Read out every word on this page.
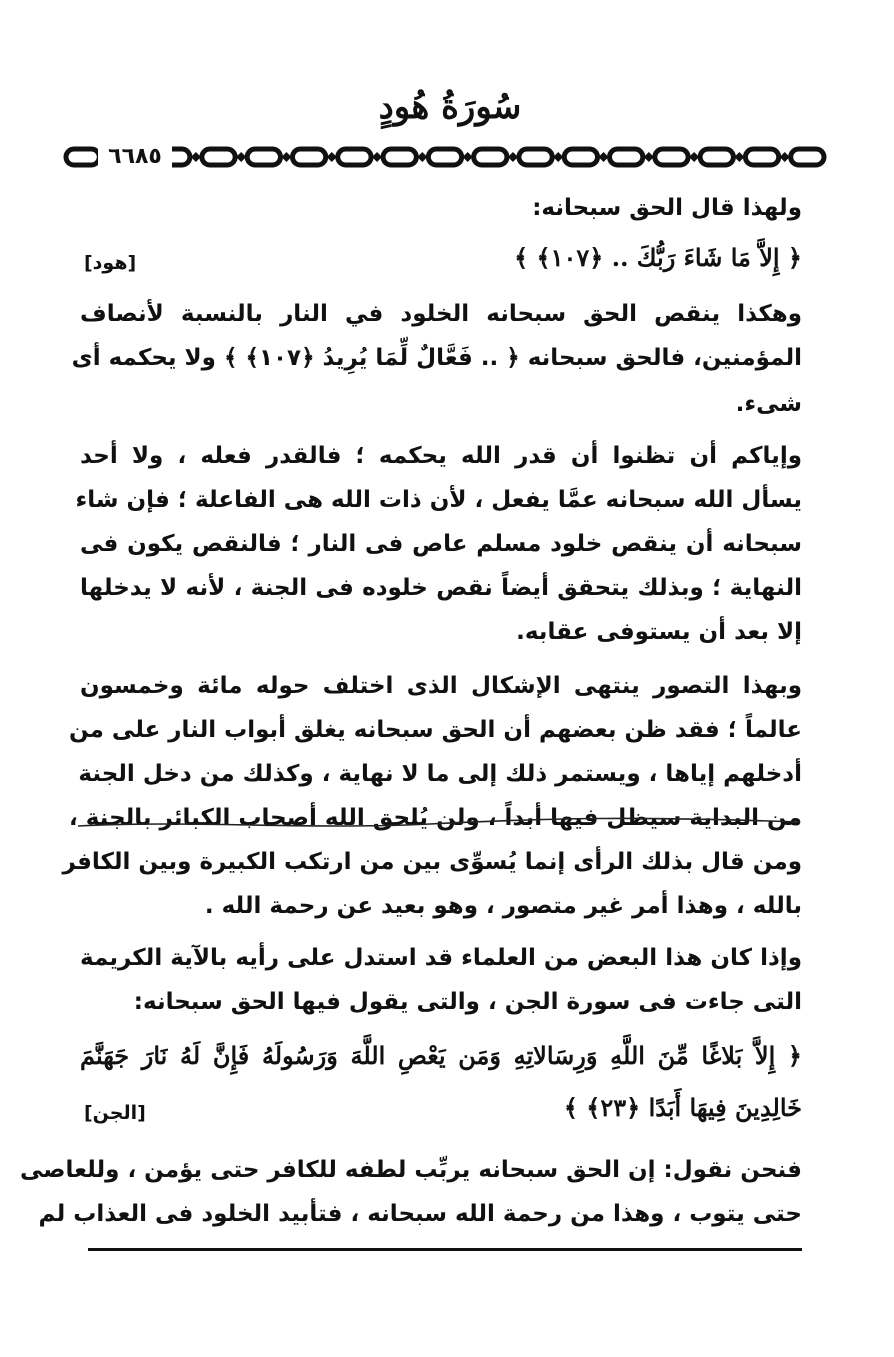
سُورَةُ هُودٍ
٦٦٨٥
ولهذا قال الحق سبحانه:
﴿ إِلاَّ مَا شَاءَ رَبُّكَ .. ﴿١٠٧﴾ ﴾
[هود]
وهكذا ينقص الحق سبحانه الخلود في النار بالنسبة لأنصاف
المؤمنين، فالحق سبحانه ﴿ .. فَعَّالٌ لِّمَا يُرِيدُ ﴿١٠٧﴾ ﴾ ولا يحكمه أى
شىء.
وإياكم أن تظنوا أن قدر الله يحكمه ؛ فالقدر فعله ، ولا أحد
يسأل الله سبحانه عمَّا يفعل ، لأن ذات الله هى الفاعلة ؛ فإن شاء
سبحانه أن ينقص خلود مسلم عاص فى النار ؛ فالنقص يكون فى
النهاية ؛ وبذلك يتحقق أيضاً نقص خلوده فى الجنة ، لأنه لا يدخلها
إلا بعد أن يستوفى عقابه.
وبهذا التصور ينتهى الإشكال الذى اختلف حوله مائة وخمسون
عالماً ؛ فقد ظن بعضهم أن الحق سبحانه يغلق أبواب النار على من
أدخلهم إياها ، ويستمر ذلك إلى ما لا نهاية ، وكذلك من دخل الجنة
من البداية سيظل فيها أبداً ، ولن يُلحق الله أصحاب الكبائر بالجنة ،
ومن قال بذلك الرأى إنما يُسوِّى بين من ارتكب الكبيرة وبين الكافر
بالله ، وهذا أمر غير متصور ، وهو بعيد عن رحمة الله .
وإذا كان هذا البعض من العلماء قد استدل على رأيه بالآية الكريمة
التى جاءت فى سورة الجن ، والتى يقول فيها الحق سبحانه:
﴿ إِلاَّ بَلاغًا مِّنَ اللَّهِ وَرِسَالاتِهِ وَمَن يَعْصِ اللَّهَ وَرَسُولَهُ فَإِنَّ لَهُ نَارَ جَهَنَّمَ
خَالِدِينَ فِيهَا أَبَدًا ﴿٢٣﴾ ﴾
[الجن]
فنحن نقول: إن الحق سبحانه يربِّب لطفه للكافر حتى يؤمن ، وللعاصى
حتى يتوب ، وهذا من رحمة الله سبحانه ، فتأبيد الخلود فى العذاب لم
